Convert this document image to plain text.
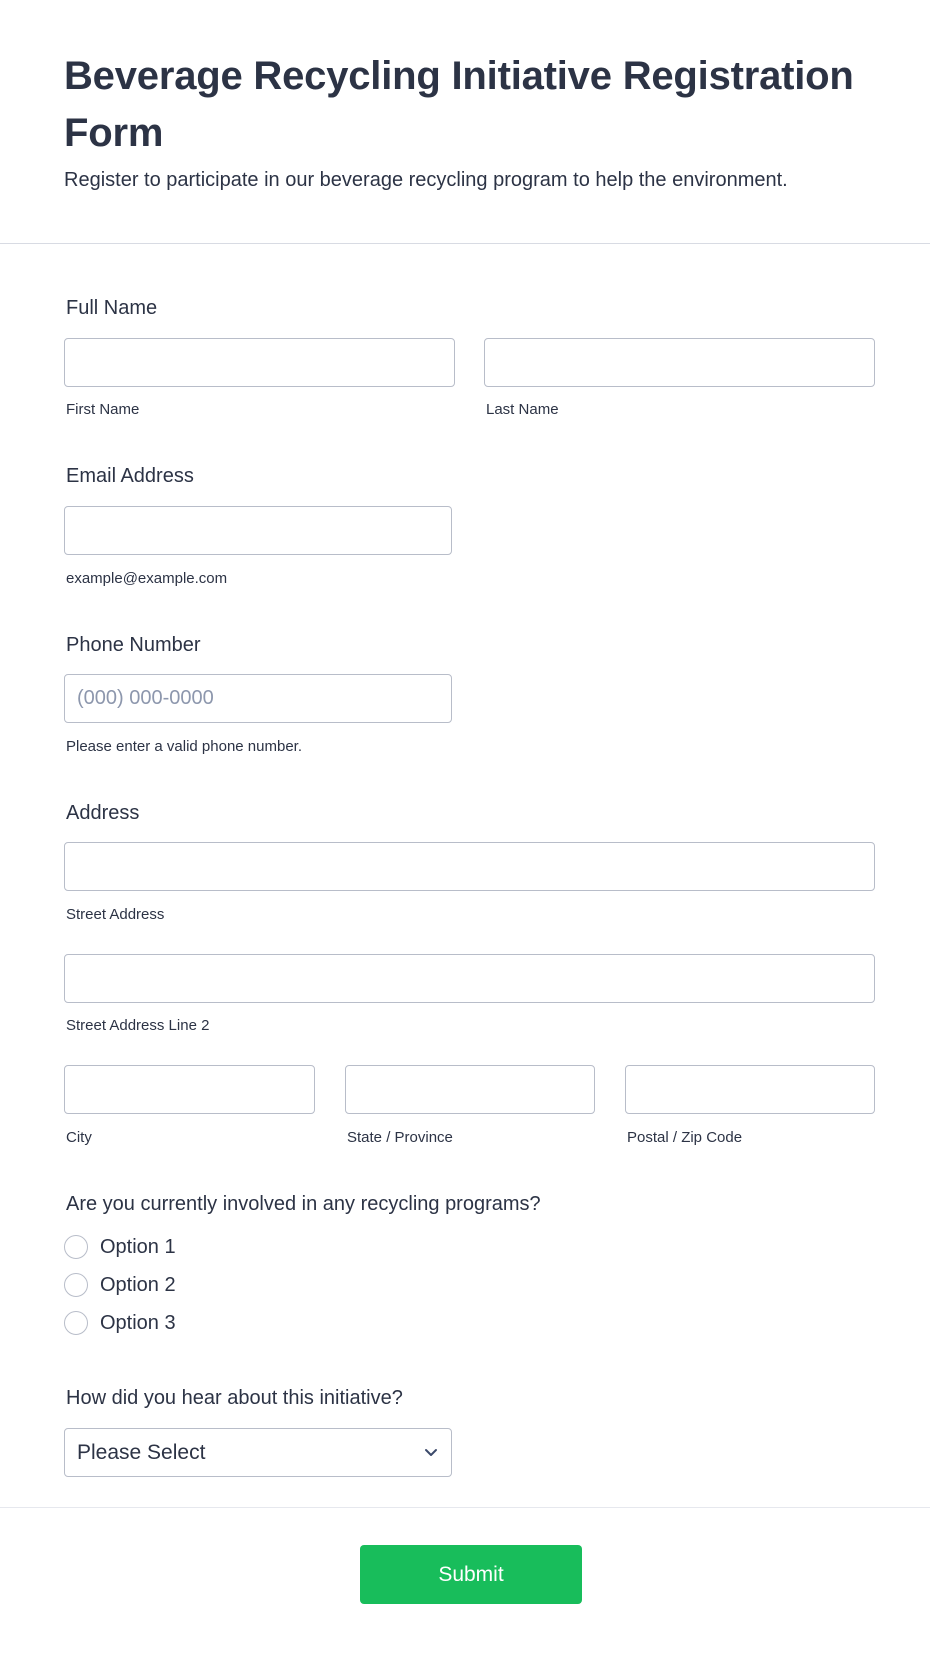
Beverage Recycling Initiative Registration Form

Register to participate in our beverage recycling program to help the environment.

Full Name

First Name	Last Name

Email Address

example@example.com

Phone Number

(000) 000-0000

Please enter a valid phone number.

Address

Street Address

Street Address Line 2

City	State / Province	Postal / Zip Code

Are you currently involved in any recycling programs?

Option 1
Option 2
Option 3

How did you hear about this initiative?

Please Select
Submit
